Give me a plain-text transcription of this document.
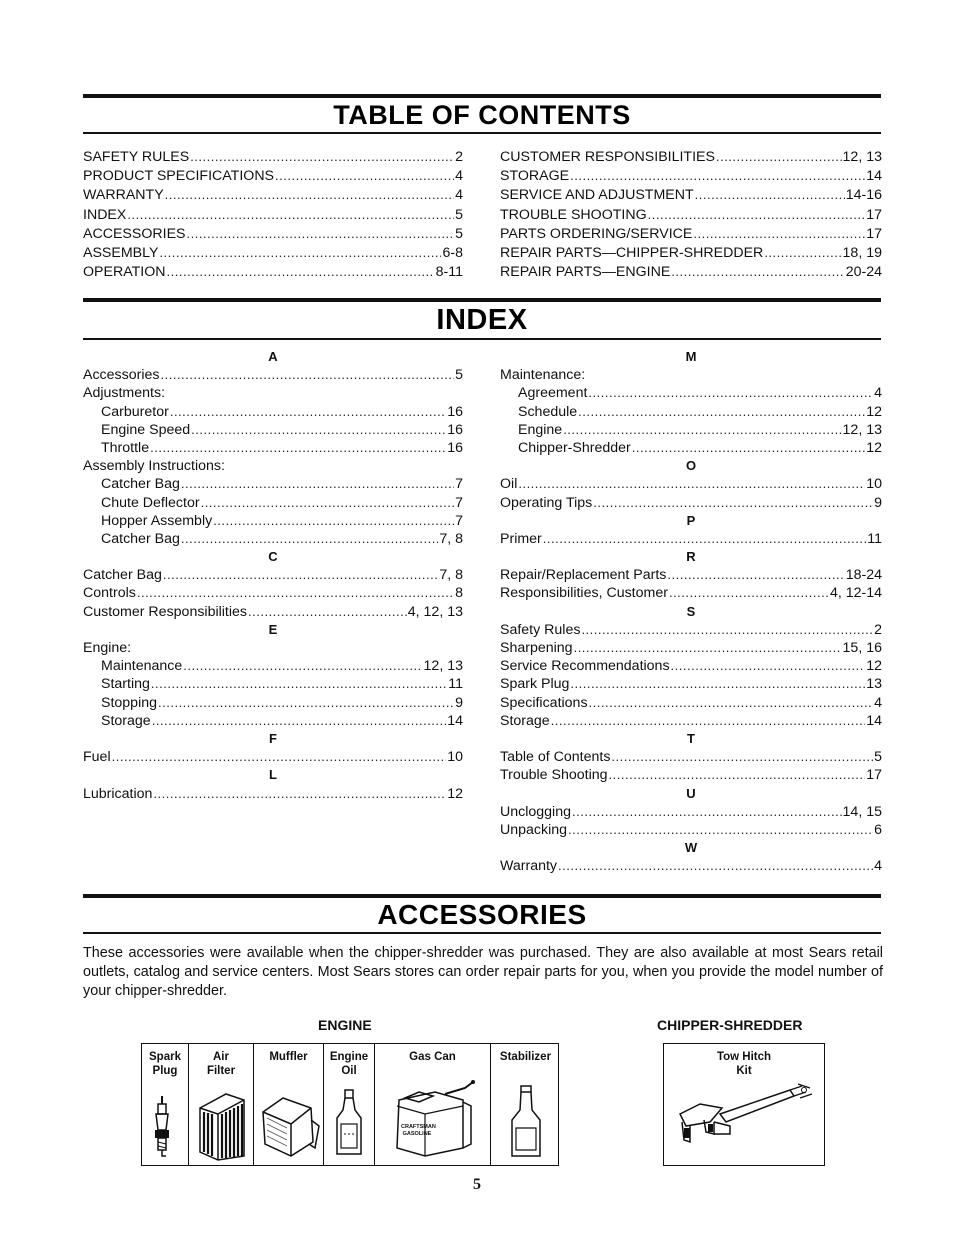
TABLE OF CONTENTS
SAFETY RULES .....	2
PRODUCT SPECIFICATIONS .....	4
WARRANTY .....	4
INDEX .....	5
ACCESSORIES .....	5
ASSEMBLY .....	6-8
OPERATION .....	8-11
CUSTOMER RESPONSIBILITIES .....	12, 13
STORAGE .....	14
SERVICE AND ADJUSTMENT .....	14-16
TROUBLE SHOOTING .....	17
PARTS ORDERING/SERVICE .....	17
REPAIR PARTS—CHIPPER-SHREDDER .....	18, 19
REPAIR PARTS—ENGINE .....	20-24
INDEX
A
Accessories .....	5
Adjustments:
Carburetor .....	16
Engine Speed .....	16
Throttle .....	16
Assembly Instructions:
Catcher Bag .....	7
Chute Deflector .....	7
Hopper Assembly .....	7
Catcher Bag .....	7, 8
C
Catcher Bag .....	7, 8
Controls .....	8
Customer Responsibilities .....	4, 12, 13
E
Engine:
Maintenance .....	12, 13
Starting .....	11
Stopping .....	9
Storage .....	14
F
Fuel .....	10
L
Lubrication .....	12
M
Maintenance:
Agreement .....	4
Schedule .....	12
Engine .....	12, 13
Chipper-Shredder .....	12
O
Oil .....	10
Operating Tips .....	9
P
Primer .....	11
R
Repair/Replacement Parts .....	18-24
Responsibilities, Customer .....	4, 12-14
S
Safety Rules .....	2
Sharpening .....	15, 16
Service Recommendations .....	12
Spark Plug .....	13
Specifications .....	4
Storage .....	14
T
Table of Contents .....	5
Trouble Shooting .....	17
U
Unclogging .....	14, 15
Unpacking .....	6
W
Warranty .....	4
ACCESSORIES

These accessories were available when the chipper-shredder was purchased. They are also available at most Sears retail outlets, catalog and service centers. Most Sears stores can order repair parts for you, when you provide the model number of your chipper-shredder.

ENGINE	CHIPPER-SHREDDER
Spark
Plug
Air
Filter
Muffler	Engine
Oil
Gas Can
CRAFTSMAN GASOLINE
Stabilizer	Tow Hitch
Kit
5
